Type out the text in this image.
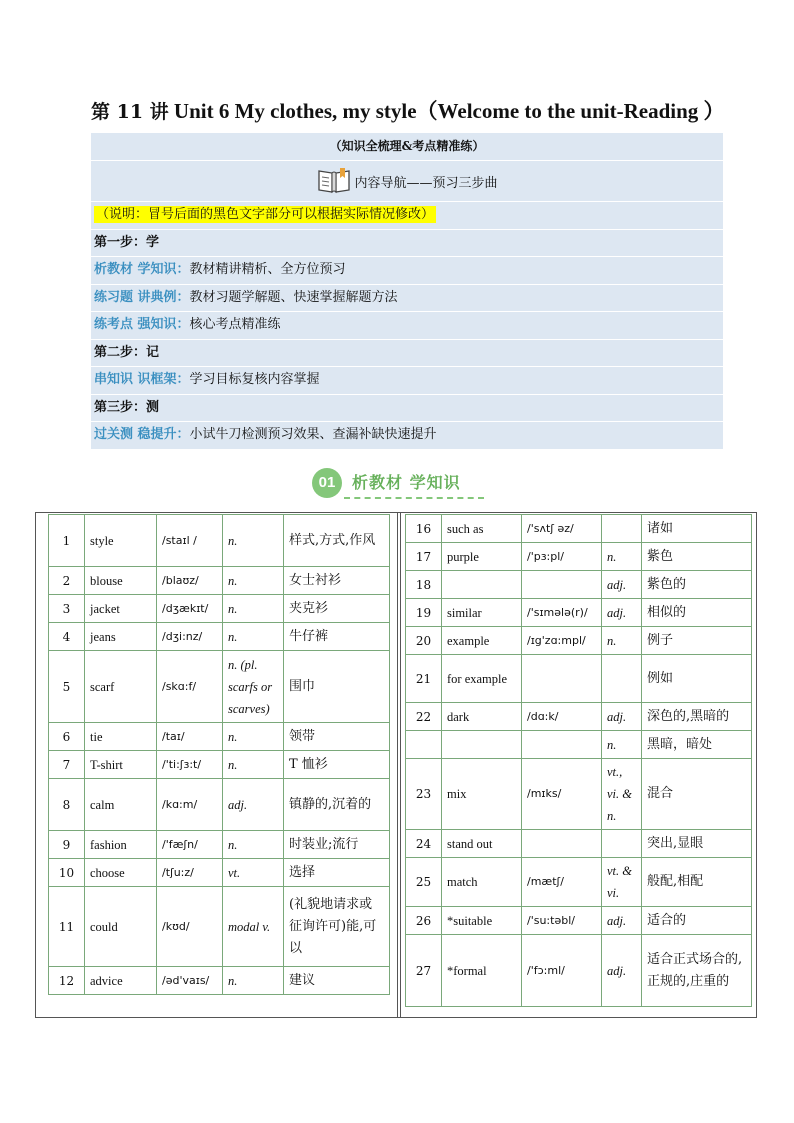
第 11 讲 Unit 6 My clothes, my style（Welcome to the unit-Reading ）
（知识全梳理&考点精准练）
内容导航——预习三步曲
（说明：冒号后面的黑色文字部分可以根据实际情况修改）
第一步：学
析教材 学知识：教材精讲精析、全方位预习
练习题 讲典例：教材习题学解题、快速掌握解题方法
练考点 强知识：核心考点精准练
第二步：记
串知识 识框架：学习目标复核内容掌握
第三步：测
过关测 稳提升：小试牛刀检测预习效果、查漏补缺快速提升
01	析教材 学知识
1	style	/staɪl /	n.	样式,方式,作风
2	blouse	/blaʊz/	n.	女士衬衫
3	jacket	/dʒækɪt/	n.	夹克衫
4	jeans	/dʒi:nz/	n.	牛仔裤
5	scarf	/skɑ:f/	n. (pl. scarfs or scarves)	围巾
6	tie	/taɪ/	n.	领带
7	T-shirt	/'ti:ʃɜ:t/	n.	T 恤衫
8	calm	/kɑ:m/	adj.	镇静的,沉着的
9	fashion	/'fæʃn/	n.	时装业;流行
10	choose	/tʃu:z/	vt.	选择
11	could	/kʊd/	modal v.	(礼貌地请求或征询许可)能,可以
12	advice	/əd'vaɪs/	n.	建议
16	such as	/'sʌtʃ əz/		诸如
17	purple	/'pɜ:pl/	n.	紫色
18			adj.	紫色的
19	similar	/'sɪmələ(r)/	adj.	相似的
20	example	/ɪg'zɑ:mpl/	n.	例子
21	for example			例如
22	dark	/dɑ:k/	adj.	深色的,黑暗的
			n.	黑暗，暗处
23	mix	/mɪks/	vt., vi. & n.	混合
24	stand out			突出,显眼
25	match	/mætʃ/	vt. & vi.	般配,相配
26	*suitable	/'su:təbl/	adj.	适合的
27	*formal	/'fɔ:ml/	adj.	适合正式场合的,正规的,庄重的
